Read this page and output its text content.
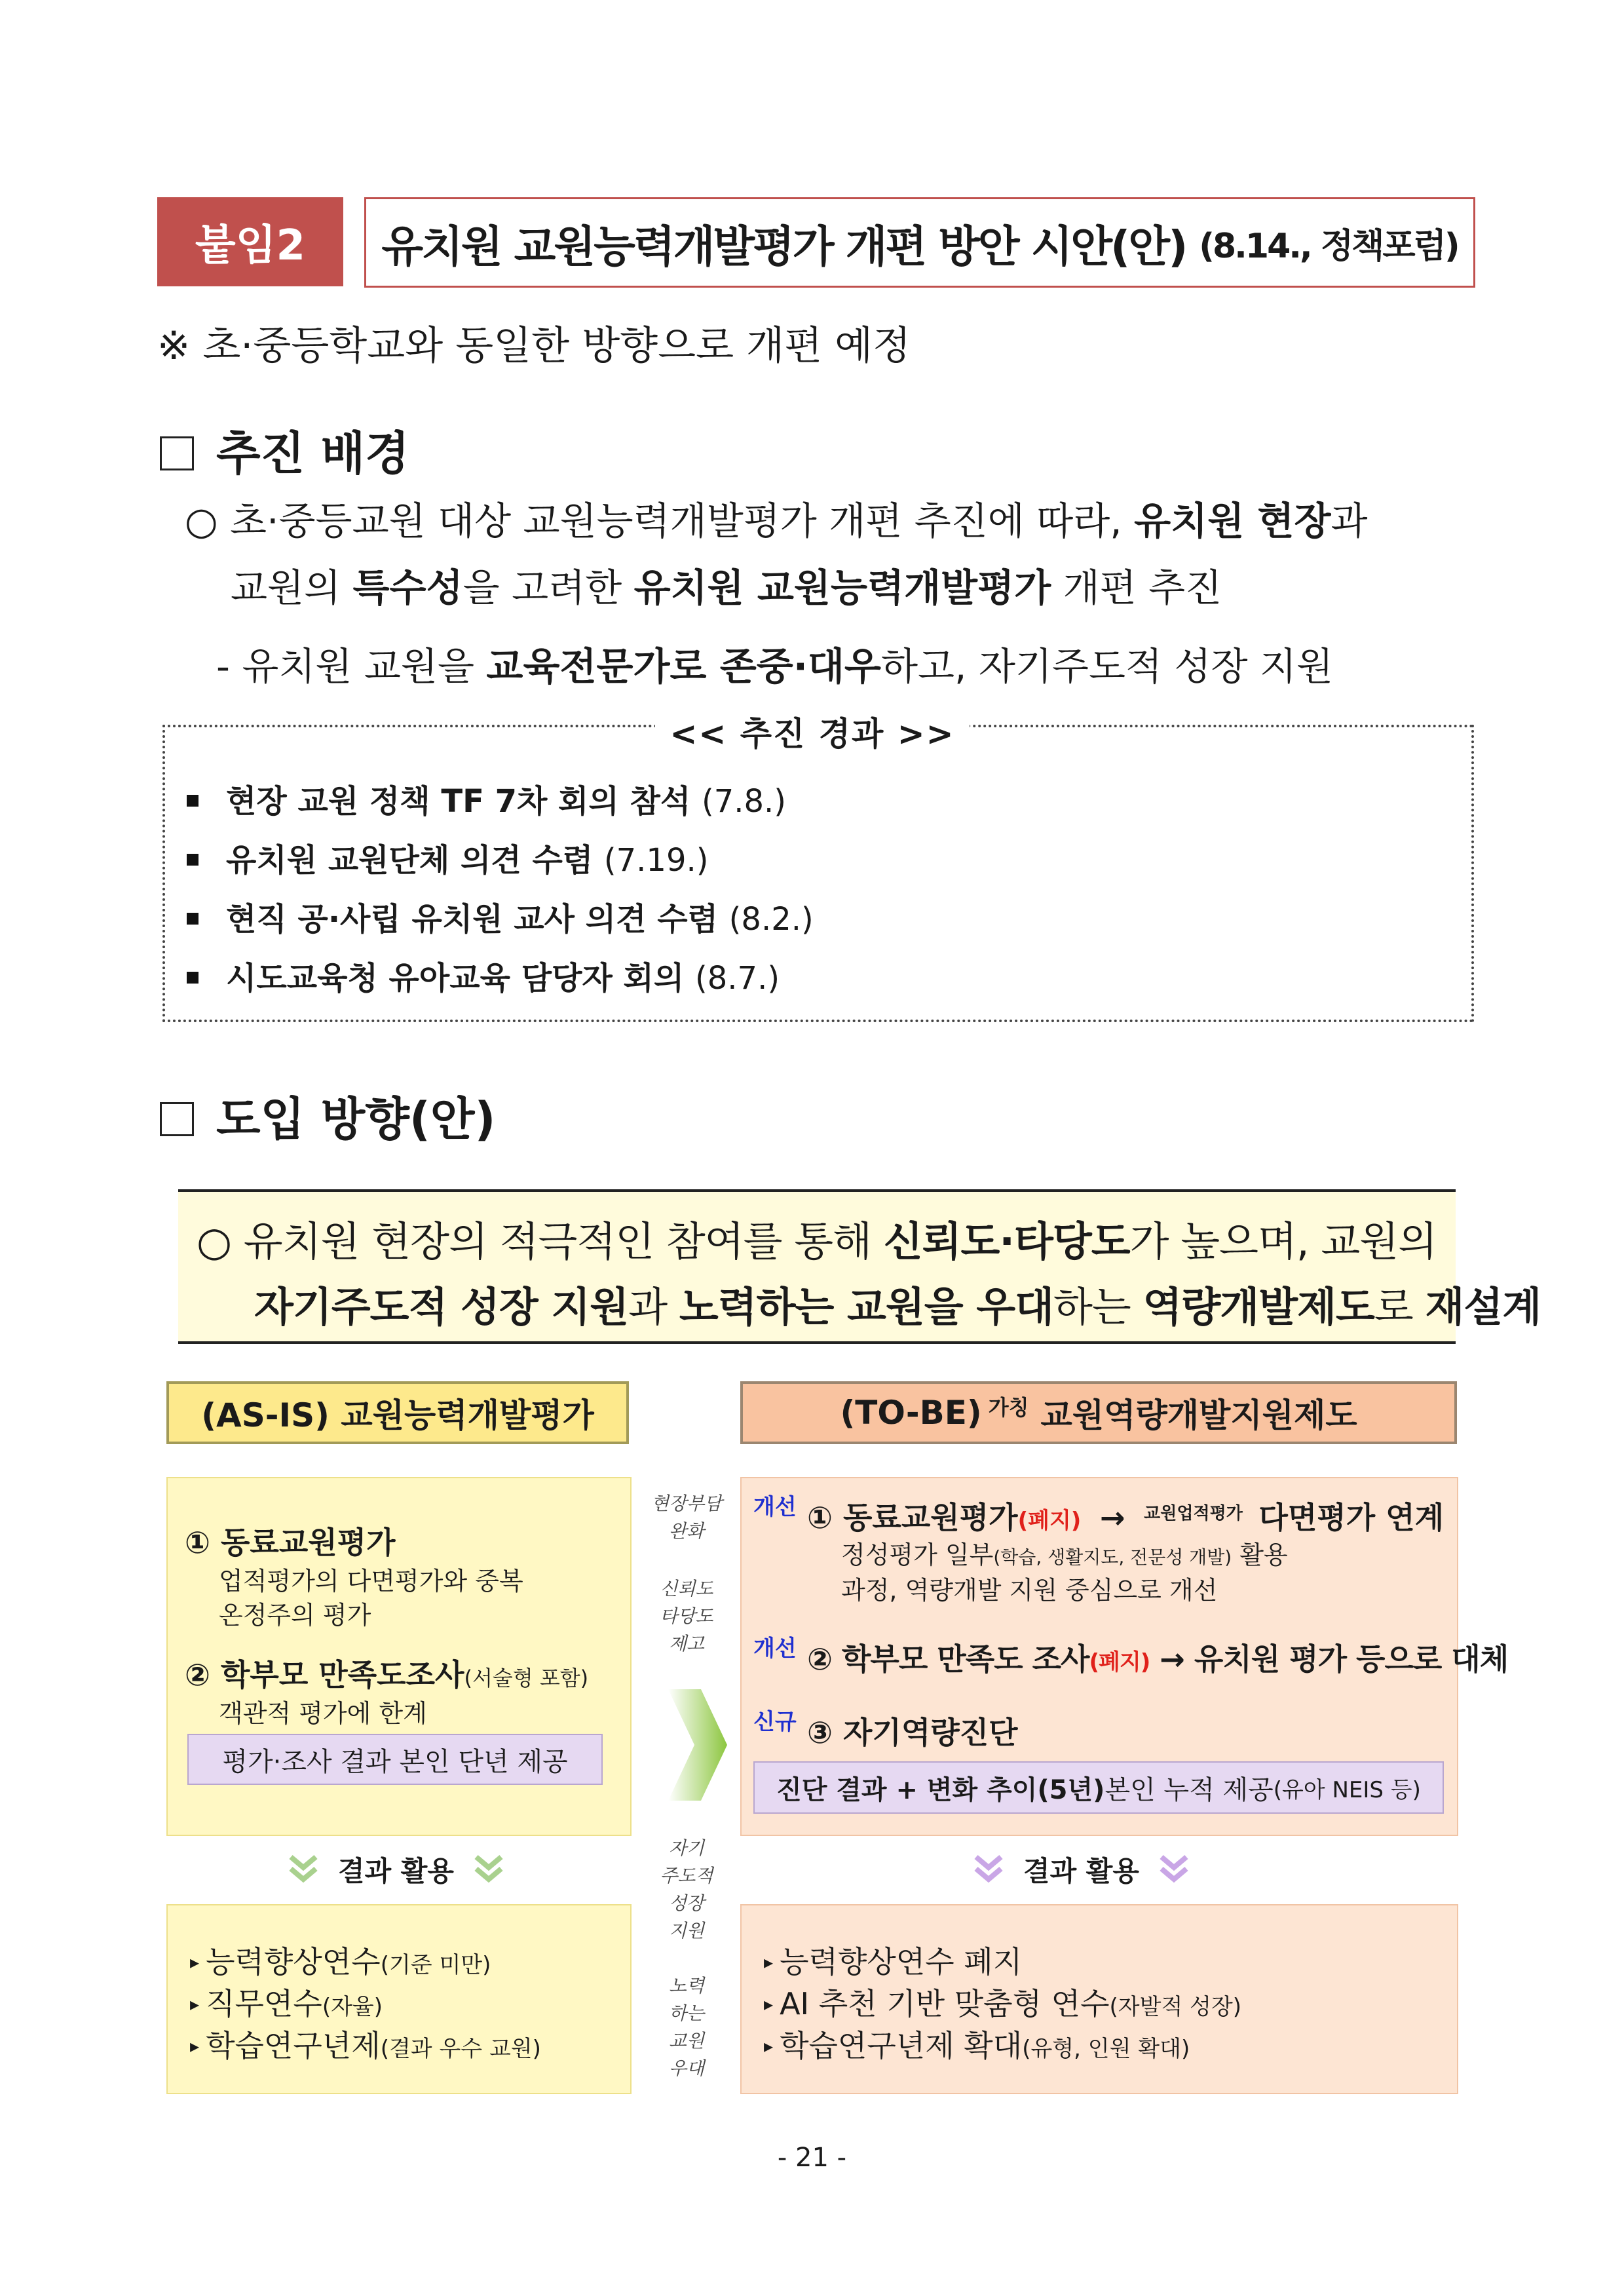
붙임2	유치원 교원능력개발평가 개편 방안 시안(안)
(8.14., 정책포럼)
※ 초·중등학교와 동일한 방향으로 개편 예정
추진 배경
○ 초·중등교원 대상 교원능력개발평가 개편 추진에 따라, 유치원 현장과
교원의 특수성을 고려한 유치원 교원능력개발평가 개편 추진
- 유치원 교원을 교육전문가로 존중·대우하고, 자기주도적 성장 지원
<< 추진 경과 >>
현장 교원 정책 TF 7차 회의 참석 (7.8.)
유치원 교원단체 의견 수렴 (7.19.)
현직 공·사립 유치원 교사 의견 수렴 (8.2.)
시도교육청 유아교육 담당자 회의 (8.7.)
도입 방향(안)
○ 유치원 현장의 적극적인 참여를 통해 신뢰도·타당도가 높으며, 교원의
자기주도적 성장 지원과 노력하는 교원을 우대하는 역량개발제도로 재설계
(AS-IS) 교원능력개발평가	(TO-BE) $^{가칭}$ 교원역량개발지원제도
① 동료교원평가
업적평가의 다면평가와 중복
온정주의 평가
② 학부모 만족도조사(서술형 포함)
객관적 평가에 한계
평가·조사 결과 본인 단년 제공
결과 활용
▸ 능력향상연수(기준 미만)
▸ 직무연수(자율)
▸ 학습연구년제(결과 우수 교원)
현장부담
완화
신뢰도
타당도
제고
자기
주도적
성장
지원
노력
하는
교원
우대
개선 ① 동료교원평가(폐지) → $^{교원업적평가}$ 다면평가 연계
정성평가 일부(학습, 생활지도, 전문성 개발) 활용
과정, 역량개발 지원 중심으로 개선
개선 ② 학부모 만족도 조사(폐지) → 유치원 평가 등으로 대체
신규 ③ 자기역량진단
진단 결과 + 변화 추이(5년) 본인 누적 제공 (유아 NEIS 등)
결과 활용
▸ 능력향상연수 폐지
▸ AI 추천 기반 맞춤형 연수(자발적 성장)
▸ 학습연구년제 확대(유형, 인원 확대)
- 21 -
